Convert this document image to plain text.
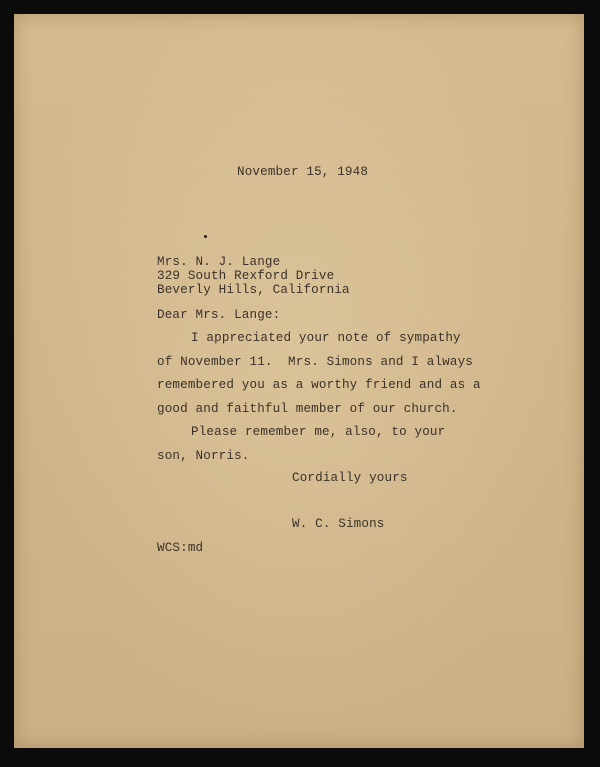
November 15, 1948

Mrs. N. J. Lange

329 South Rexford Drive

Beverly Hills, California

Dear Mrs. Lange:

I appreciated your note of sympathy

of November 11.  Mrs. Simons and I always

remembered you as a worthy friend and as a

good and faithful member of our church.

Please remember me, also, to your

son, Norris.

Cordially yours

W. C. Simons

WCS:md
